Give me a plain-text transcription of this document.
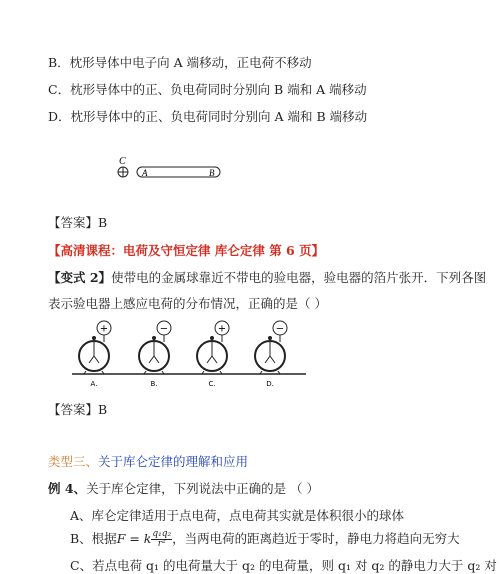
B．枕形导体中电子向 A 端移动，正电荷不移动
C．枕形导体中的正、负电荷同时分别向 B 端和 A 端移动
D．枕形导体中的正、负电荷同时分别向 A 端和 B 端移动
C
A	B
【答案】B
【高清课程：电荷及守恒定律 库仑定律 第 6 页】
【变式 2】使带电的金属球靠近不带电的验电器，验电器的箔片张开．下列各图
表示验电器上感应电荷的分布情况，正确的是（ ）
+
A.
−
B.
+
C.
−
D.
【答案】B
类型三、关于库仑定律的理解和应用
例 4、关于库仑定律，下列说法中正确的是 （ ）
A、库仑定律适用于点电荷，点电荷其实就是体积很小的球体
B、根据F = k $\frac{\text{q₁q₂}}{\text{r²}}$ ，当两电荷的距离趋近于零时，静电力将趋向无穷大
C、若点电荷 q₁ 的电荷量大于 q₂ 的电荷量，则 q₁ 对 q₂ 的静电力大于 q₂ 对
